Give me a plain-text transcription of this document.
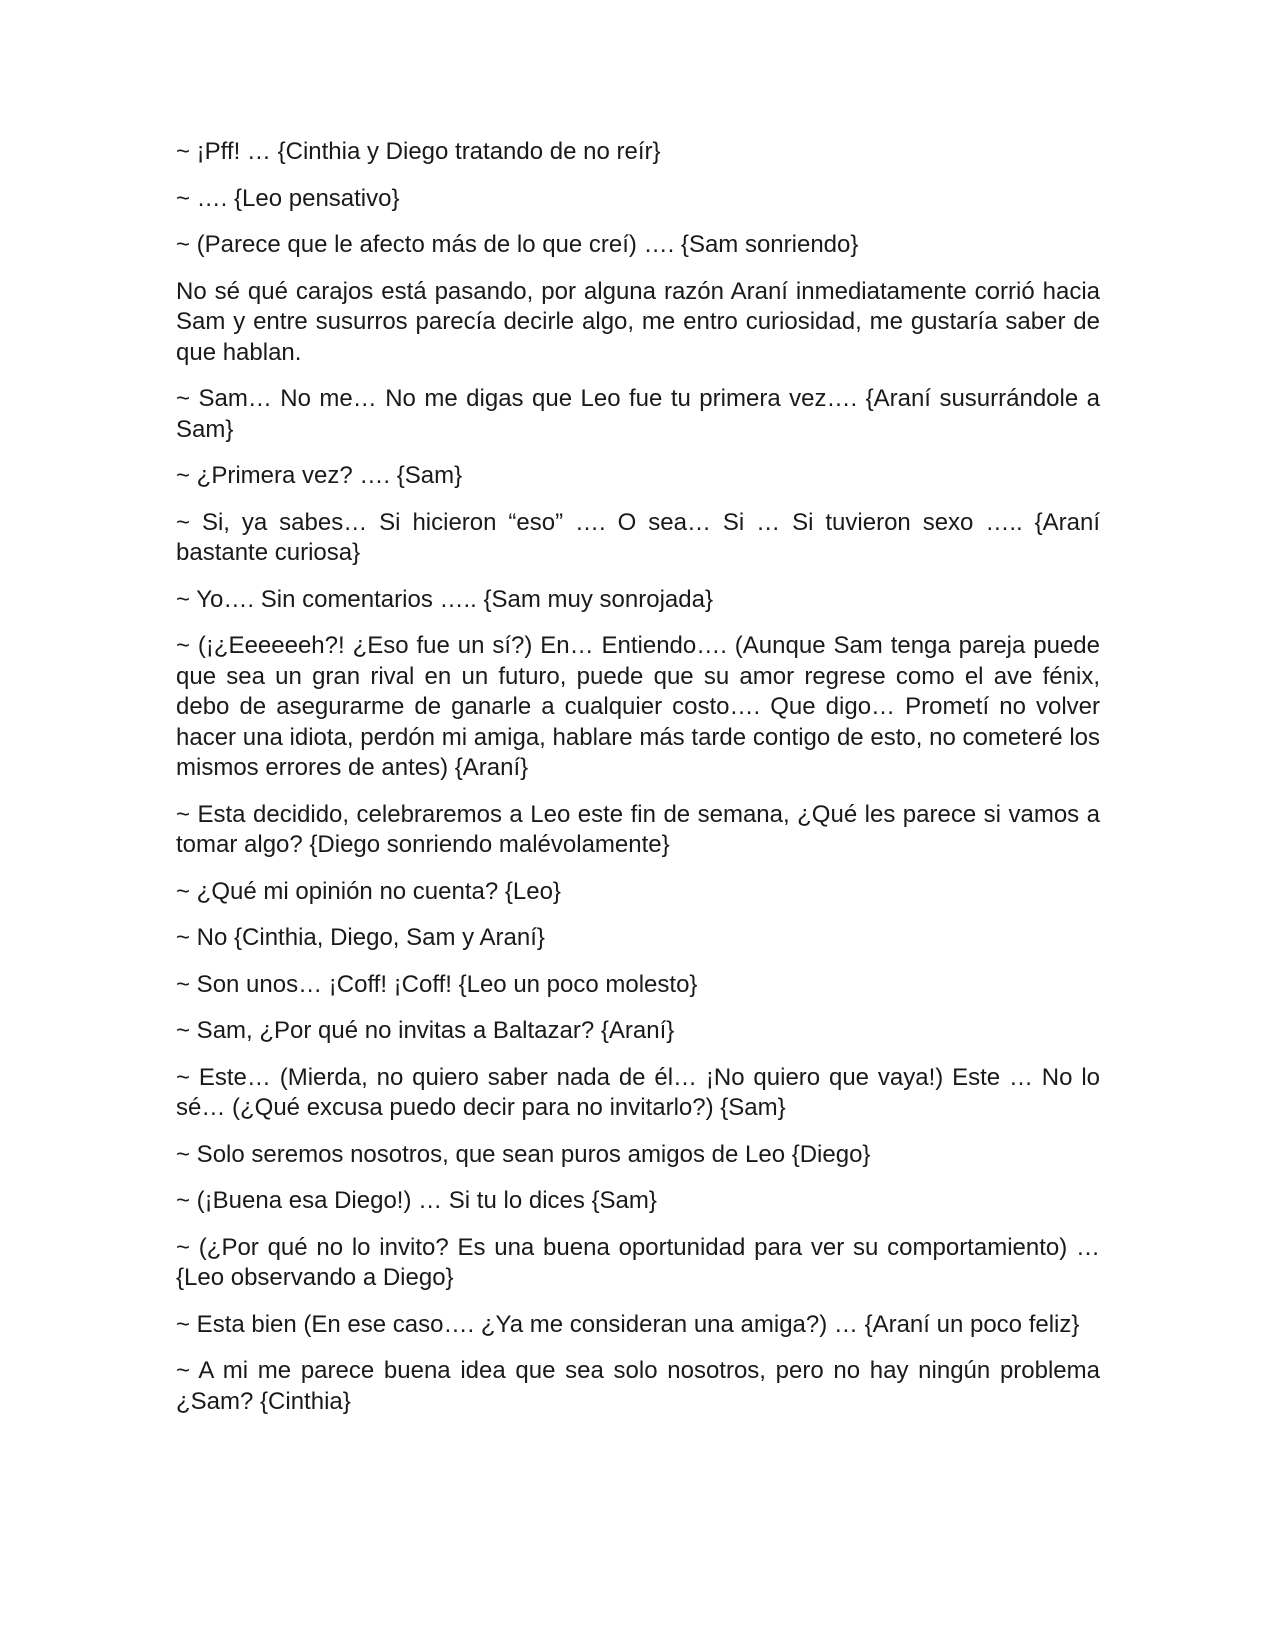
~ ¡Pff! … {Cinthia y Diego tratando de no reír}

~ …. {Leo pensativo}

~ (Parece que le afecto más de lo que creí) …. {Sam sonriendo}

No sé qué carajos está pasando, por alguna razón Araní inmediatamente corrió hacia Sam y entre susurros parecía decirle algo, me entro curiosidad, me gustaría saber de que hablan.

~ Sam… No me… No me digas que Leo fue tu primera vez…. {Araní susurrándole a Sam}

~ ¿Primera vez? …. {Sam}

~ Si, ya sabes… Si hicieron “eso” …. O sea… Si … Si tuvieron sexo ….. {Araní bastante curiosa}

~ Yo…. Sin comentarios ….. {Sam muy sonrojada}

~ (¡¿Eeeeeeh?! ¿Eso fue un sí?) En… Entiendo…. (Aunque Sam tenga pareja puede que sea un gran rival en un futuro, puede que su amor regrese como el ave fénix, debo de asegurarme de ganarle a cualquier costo…. Que digo… Prometí no volver hacer una idiota, perdón mi amiga, hablare más tarde contigo de esto, no cometeré los mismos errores de antes) {Araní}

~ Esta decidido, celebraremos a Leo este fin de semana, ¿Qué les parece si vamos a tomar algo? {Diego sonriendo malévolamente}

~ ¿Qué mi opinión no cuenta? {Leo}

~ No {Cinthia, Diego, Sam y Araní}

~ Son unos… ¡Coff! ¡Coff! {Leo un poco molesto}

~ Sam, ¿Por qué no invitas a Baltazar? {Araní}

~ Este… (Mierda, no quiero saber nada de él… ¡No quiero que vaya!) Este … No lo sé… (¿Qué excusa puedo decir para no invitarlo?) {Sam}

~ Solo seremos nosotros, que sean puros amigos de Leo {Diego}

~ (¡Buena esa Diego!) … Si tu lo dices {Sam}

~ (¿Por qué no lo invito? Es una buena oportunidad para ver su comportamiento) … {Leo observando a Diego}

~ Esta bien (En ese caso…. ¿Ya me consideran una amiga?) … {Araní un poco feliz}

~ A mi me parece buena idea que sea solo nosotros, pero no hay ningún problema ¿Sam? {Cinthia}
